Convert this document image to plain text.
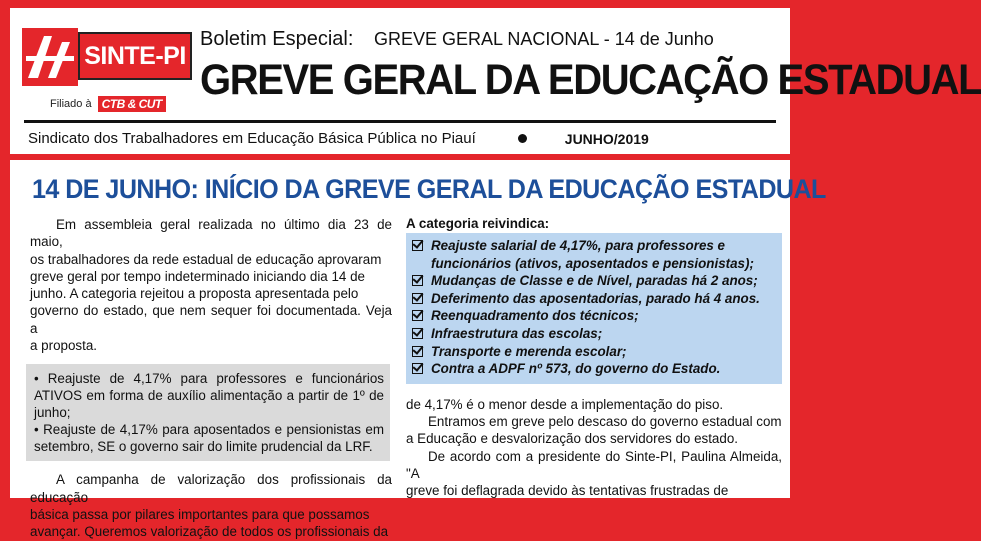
SINTE-PI
Filiado à CTB & CUT
Boletim Especial: GREVE GERAL NACIONAL - 14 de Junho
GREVE GERAL DA EDUCAÇÃO ESTADUAL
Sindicato dos Trabalhadores em Educação Básica Pública no Piauí	JUNHO/2019
14 DE JUNHO: INÍCIO DA GREVE GERAL DA EDUCAÇÃO ESTADUAL
Em assembleia geral realizada no último dia 23 de maio,
os trabalhadores da rede estadual de educação aprovaram
greve geral por tempo indeterminado iniciando dia 14 de
junho. A categoria rejeitou a proposta apresentada pelo
governo do estado, que nem sequer foi documentada. Veja a
a proposta.
• Reajuste de 4,17% para professores e funcionários ATIVOS em forma de auxílio alimentação a partir de 1º de junho;
• Reajuste de 4,17% para aposentados e pensionistas em setembro, SE o governo sair do limite prudencial da LRF.
A campanha de valorização dos profissionais da educação
básica passa por pilares importantes para que possamos
avançar. Queremos valorização de todos os profissionais da
A categoria reivindica:
Reajuste salarial de 4,17%, para professores e funcionários (ativos, aposentados e pensionistas);
Mudanças de Classe e de Nível, paradas há 2 anos;
Deferimento das aposentadorias, parado há 4 anos.
Reenquadramento dos técnicos;
Infraestrutura das escolas;
Transporte e merenda escolar;
Contra a ADPF nº 573, do governo do Estado.

de 4,17% é o menor desde a implementação do piso.

Entramos em greve pelo descaso do governo estadual com

a Educação e desvalorização dos servidores do estado.

De acordo com a presidente do Sinte-PI, Paulina Almeida, "A

greve foi deflagrada devido às tentativas frustradas de
